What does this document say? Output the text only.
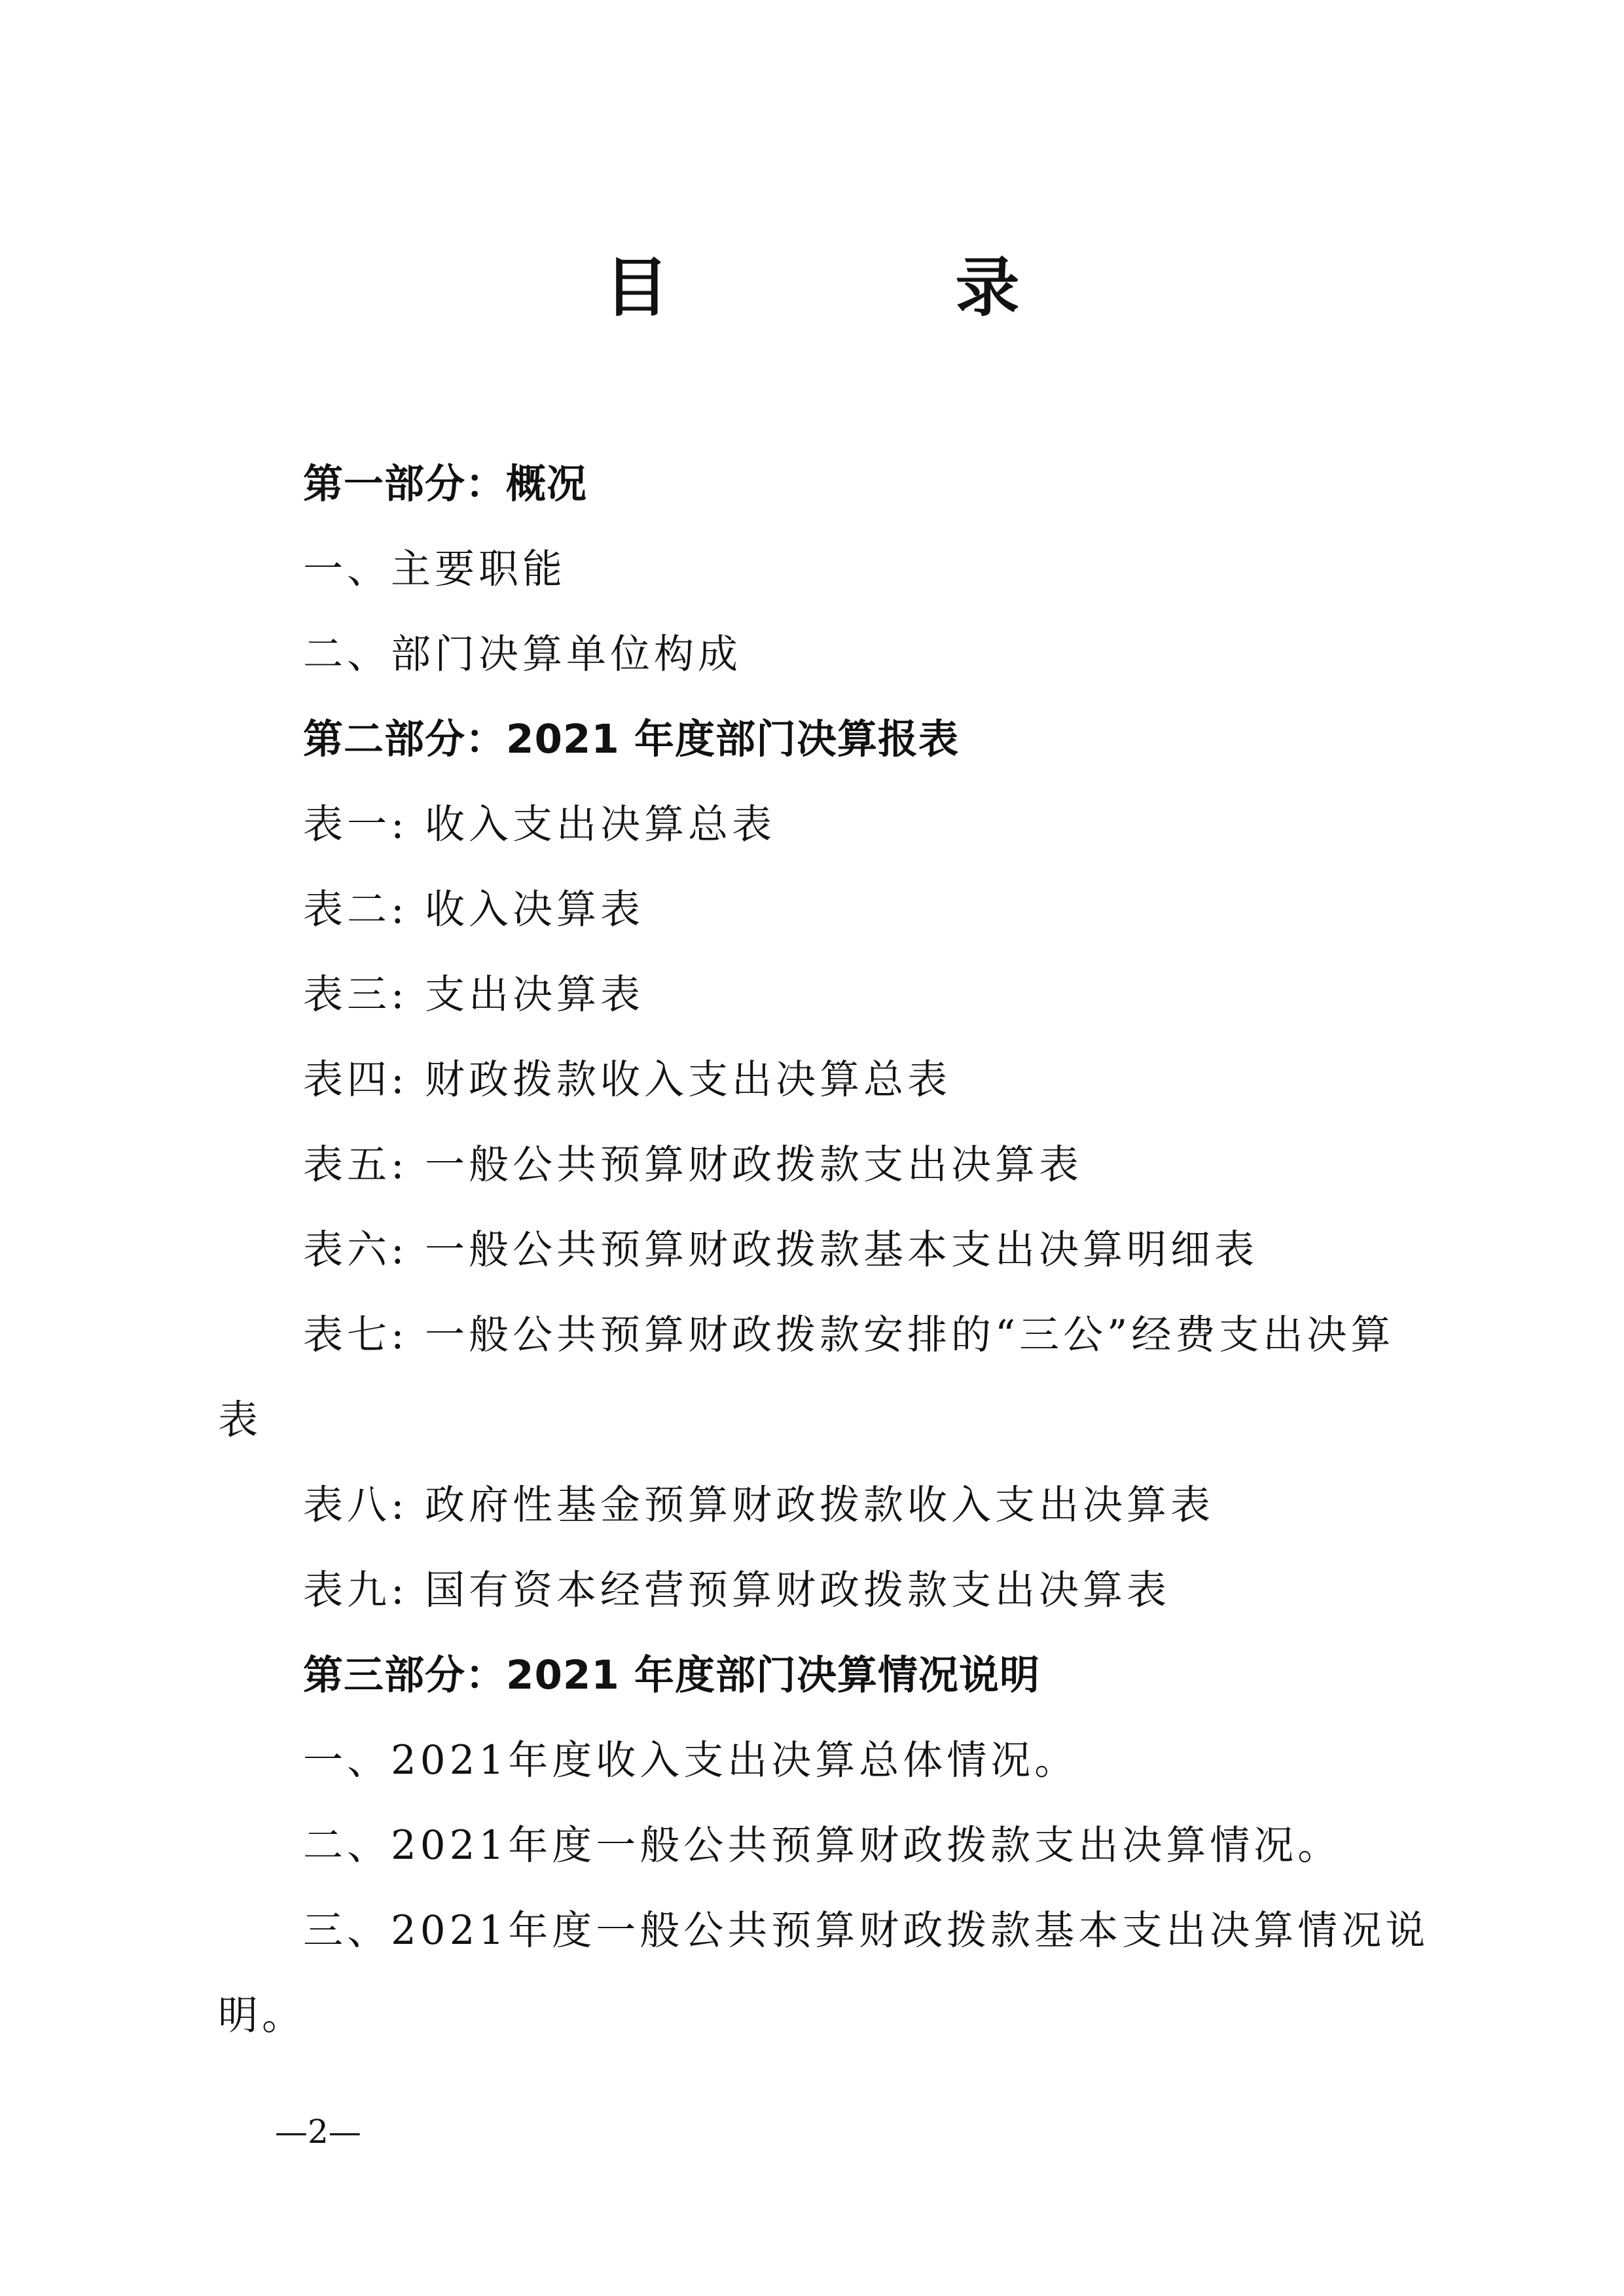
目　录
第一部分：概况
一、主要职能
二、部门决算单位构成
第二部分：2021 年度部门决算报表
表一: 收入支出决算总表
表二: 收入决算表
表三: 支出决算表
表四: 财政拨款收入支出决算总表
表五: 一般公共预算财政拨款支出决算表
表六: 一般公共预算财政拨款基本支出决算明细表
表七: 一般公共预算财政拨款安排的“三公”经费支出决算
表
表八: 政府性基金预算财政拨款收入支出决算表
表九: 国有资本经营预算财政拨款支出决算表
第三部分：2021 年度部门决算情况说明
一、2021年度收入支出决算总体情况。
二、2021年度一般公共预算财政拨款支出决算情况。
三、2021年度一般公共预算财政拨款基本支出决算情况说
明。
—2—
